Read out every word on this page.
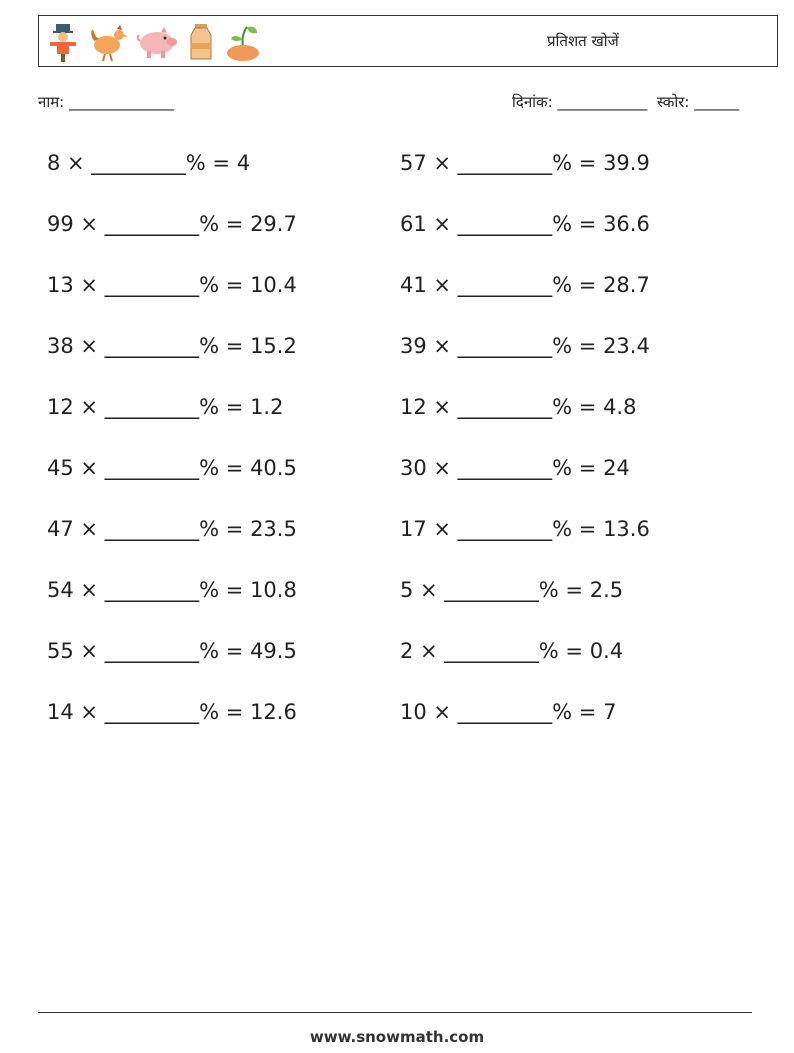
प्रतिशत खोजें
नाम: ______________	दिनांक: ____________ स्कोर: ______
8 × _________% = 4
99 × _________% = 29.7
13 × _________% = 10.4
38 × _________% = 15.2
12 × _________% = 1.2
45 × _________% = 40.5
47 × _________% = 23.5
54 × _________% = 10.8
55 × _________% = 49.5
14 × _________% = 12.6
57 × _________% = 39.9
61 × _________% = 36.6
41 × _________% = 28.7
39 × _________% = 23.4
12 × _________% = 4.8
30 × _________% = 24
17 × _________% = 13.6
5 × _________% = 2.5
2 × _________% = 0.4
10 × _________% = 7
www.snowmath.com
